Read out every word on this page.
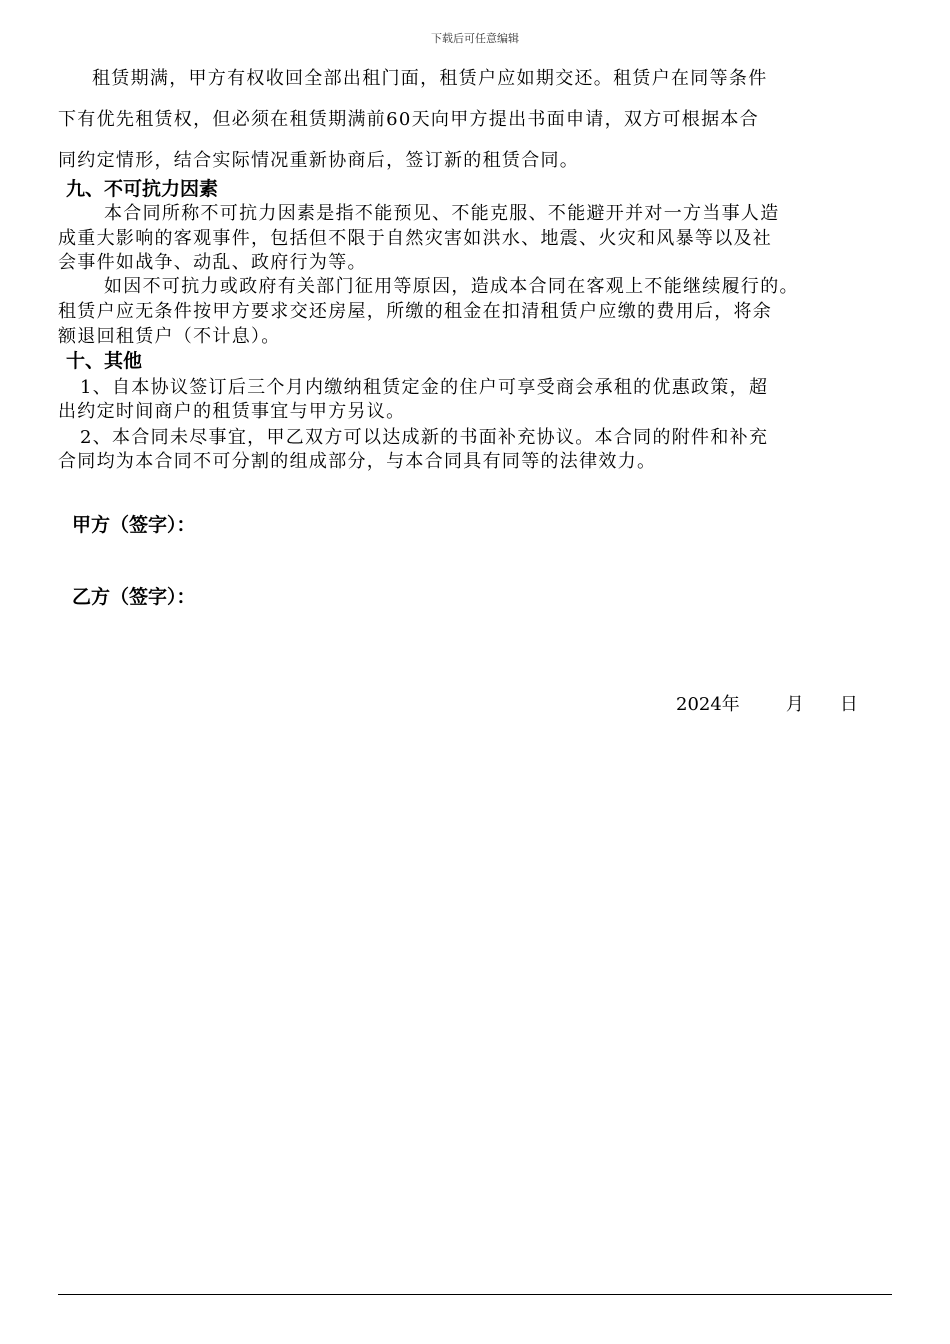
下载后可任意编辑

租赁期满，甲方有权收回全部出租门面，租赁户应如期交还。租赁户在同等条件

下有优先租赁权，但必须在租赁期满前60天向甲方提出书面申请，双方可根据本合

同约定情形，结合实际情况重新协商后，签订新的租赁合同。

九、不可抗力因素

本合同所称不可抗力因素是指不能预见、不能克服、不能避开并对一方当事人造

成重大影响的客观事件，包括但不限于自然灾害如洪水、地震、火灾和风暴等以及社

会事件如战争、动乱、政府行为等。

如因不可抗力或政府有关部门征用等原因，造成本合同在客观上不能继续履行的。

租赁户应无条件按甲方要求交还房屋，所缴的租金在扣清租赁户应缴的费用后，将余

额退回租赁户（不计息）。

十、其他

1、自本协议签订后三个月内缴纳租赁定金的住户可享受商会承租的优惠政策，超

出约定时间商户的租赁事宜与甲方另议。

2、本合同未尽事宜，甲乙双方可以达成新的书面补充协议。本合同的附件和补充

合同均为本合同不可分割的组成部分，与本合同具有同等的法律效力。

甲方（签字）：
乙方（签字）：
2024年	月 日
